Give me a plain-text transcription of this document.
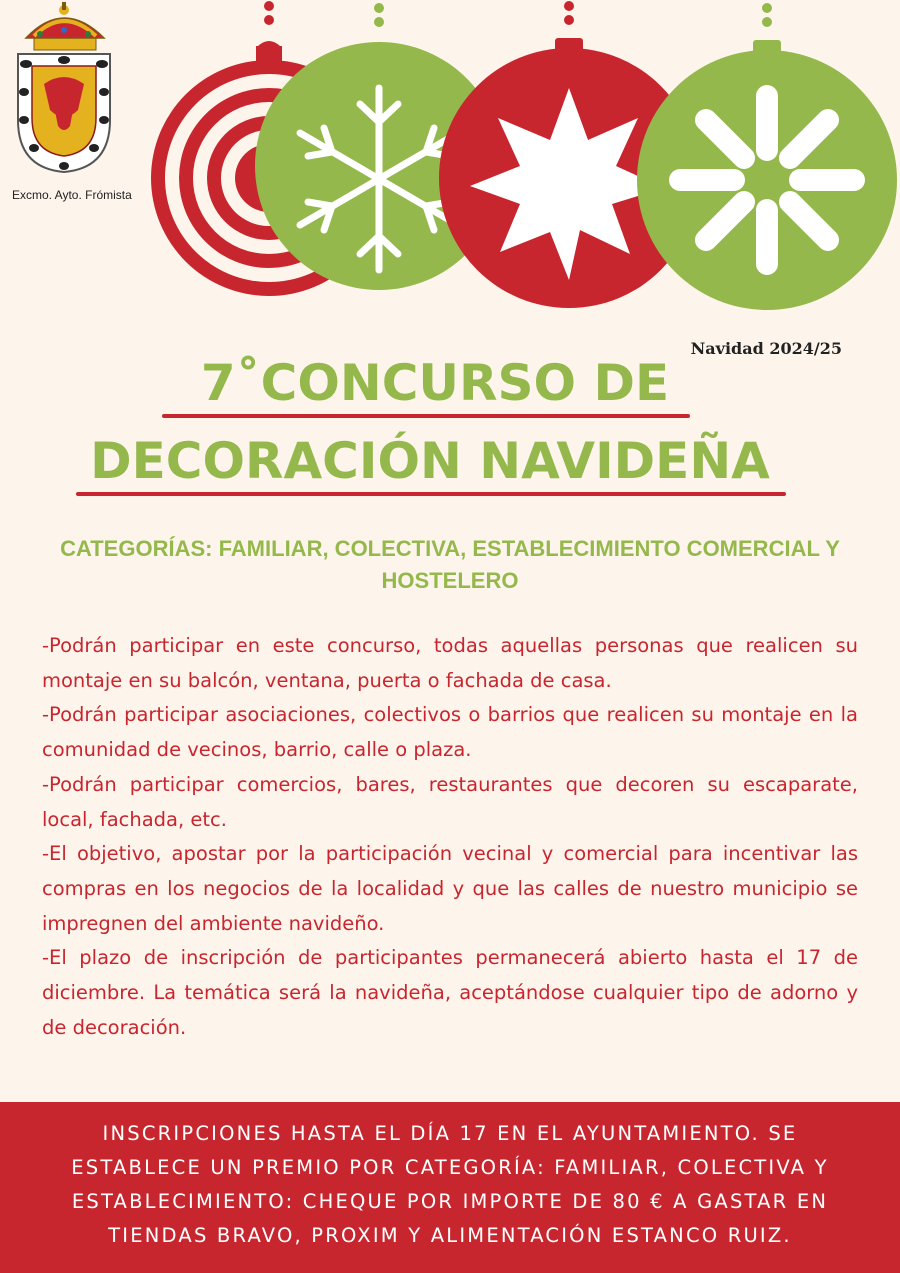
Excmo. Ayto. Frómista
Navidad 2024/25
7˚CONCURSO DE
DECORACIÓN NAVIDEÑA
CATEGORÍAS: FAMILIAR, COLECTIVA, ESTABLECIMIENTO COMERCIAL Y HOSTELERO

-Podrán participar en este concurso, todas aquellas personas que realicen su montaje en su balcón, ventana, puerta o fachada de casa.

-Podrán participar asociaciones, colectivos o barrios que realicen su montaje en la comunidad de vecinos, barrio, calle o plaza.

-Podrán participar comercios, bares, restaurantes que decoren su escaparate, local, fachada, etc.

-El objetivo, apostar por la participación vecinal y comercial para incentivar las compras en los negocios de la localidad y que las calles de nuestro municipio se impregnen del ambiente navideño.

-El plazo de inscripción de participantes permanecerá abierto hasta el 17 de diciembre. La temática será la navideña, aceptándose cualquier tipo de adorno y de decoración.

INSCRIPCIONES HASTA EL DÍA 17 EN EL AYUNTAMIENTO. SE ESTABLECE UN PREMIO POR CATEGORÍA: FAMILIAR, COLECTIVA Y ESTABLECIMIENTO: CHEQUE POR IMPORTE DE 80 € A GASTAR EN TIENDAS BRAVO, PROXIM Y ALIMENTACIÓN ESTANCO RUIZ.
